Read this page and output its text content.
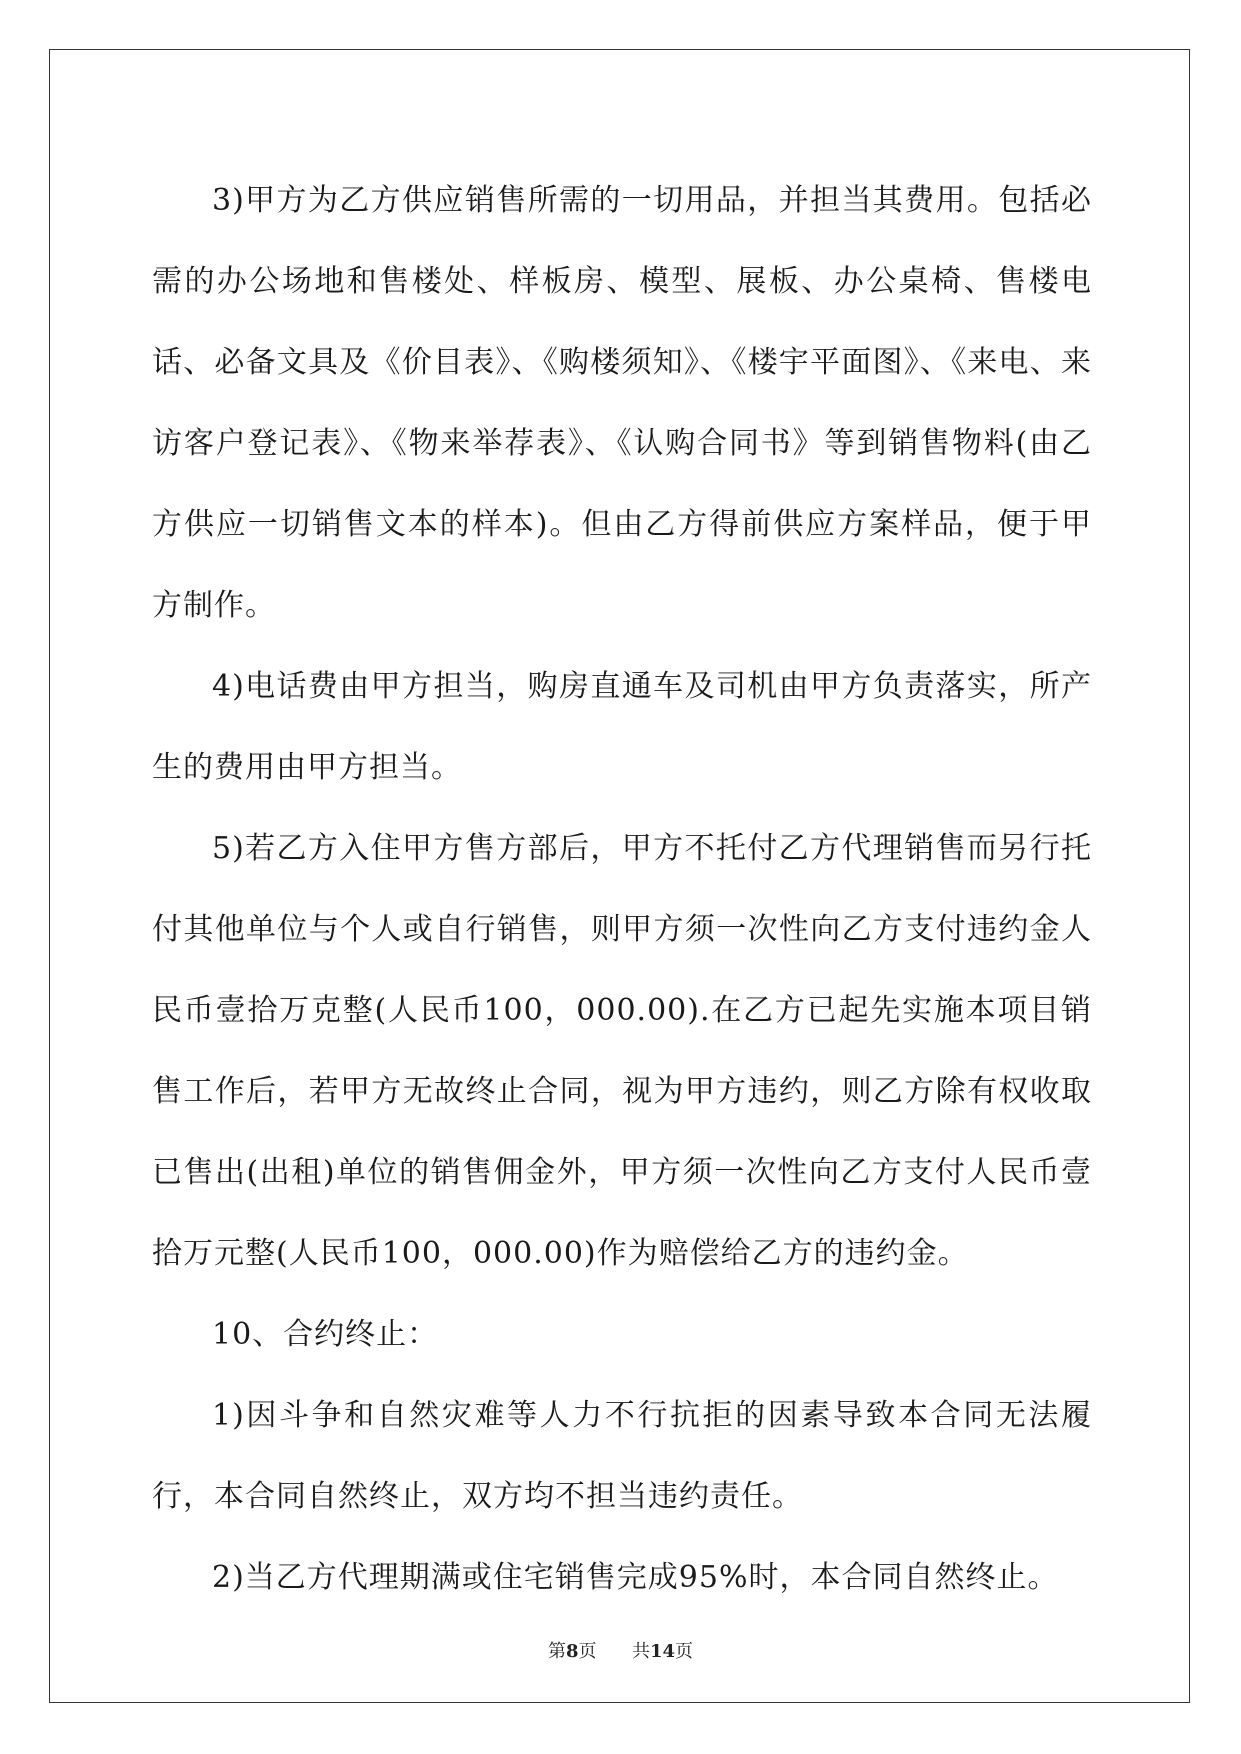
3)甲方为乙方供应销售所需的一切用品，并担当其费用。包括必需的办公场地和售楼处、样板房、模型、展板、办公桌椅、售楼电话、必备文具及《价目表》、《购楼须知》、《楼宇平面图》、《来电、来访客户登记表》、《物来举荐表》、《认购合同书》等到销售物料(由乙方供应一切销售文本的样本)。但由乙方得前供应方案样品，便于甲方制作。

4)电话费由甲方担当，购房直通车及司机由甲方负责落实，所产生的费用由甲方担当。

5)若乙方入住甲方售方部后，甲方不托付乙方代理销售而另行托付其他单位与个人或自行销售，则甲方须一次性向乙方支付违约金人民币壹拾万克整(人民币100，000.00).在乙方已起先实施本项目销售工作后，若甲方无故终止合同，视为甲方违约，则乙方除有权收取已售出(出租)单位的销售佣金外，甲方须一次性向乙方支付人民币壹拾万元整(人民币100，000.00)作为赔偿给乙方的违约金。

10、合约终止：

1)因斗争和自然灾难等人力不行抗拒的因素导致本合同无法履行，本合同自然终止，双方均不担当违约责任。

2)当乙方代理期满或住宅销售完成95%时，本合同自然终止。

第8页 共14页
